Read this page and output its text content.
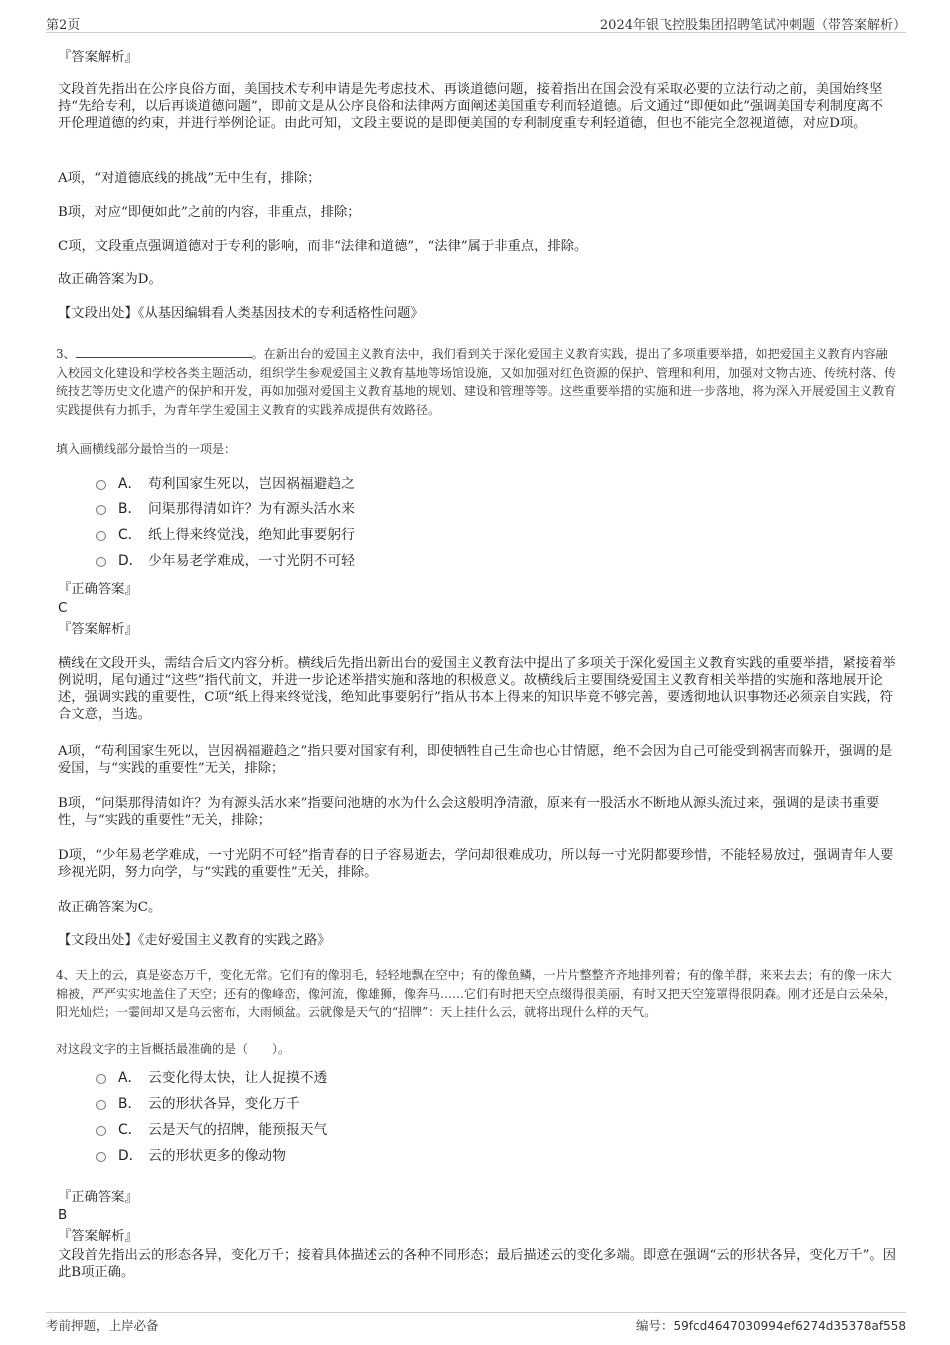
第2页	2024年银飞控股集团招聘笔试冲刺题（带答案解析）
『答案解析』
文段首先指出在公序良俗方面，美国技术专利申请是先考虑技术、再谈道德问题，接着指出在国会没有采取必要的立法行动之前，美国始终坚持“先给专利，以后再谈道德问题”，即前文是从公序良俗和法律两方面阐述美国重专利而轻道德。后文通过“即便如此”强调美国专利制度离不开伦理道德的约束，并进行举例论证。由此可知，文段主要说的是即便美国的专利制度重专利轻道德，但也不能完全忽视道德，对应D项。
A项，“对道德底线的挑战”无中生有，排除；
B项，对应“即便如此”之前的内容，非重点，排除；
C项，文段重点强调道德对于专利的影响，而非“法律和道德”，“法律”属于非重点，排除。
故正确答案为D。
【文段出处】《从基因编辑看人类基因技术的专利适格性问题》
3、	。在新出台的爱国主义教育法中，我们看到关于深化爱国主义教育实践，提出了多项重要举措，如把爱国主义教育内容融入校园文化建设和学校各类主题活动，组织学生参观爱国主义教育基地等场馆设施，又如加强对红色资源的保护、管理和利用，加强对文物古迹、传统村落、传统技艺等历史文化遗产的保护和开发，再如加强对爱国主义教育基地的规划、建设和管理等等。这些重要举措的实施和进一步落地，将为深入开展爱国主义教育实践提供有力抓手，为青年学生爱国主义教育的实践养成提供有效路径。
填入画横线部分最恰当的一项是：
A． 苟利国家生死以，岂因祸福避趋之
B． 问渠那得清如许？为有源头活水来
C． 纸上得来终觉浅，绝知此事要躬行
D． 少年易老学难成，一寸光阴不可轻
『正确答案』
C
『答案解析』
横线在文段开头，需结合后文内容分析。横线后先指出新出台的爱国主义教育法中提出了多项关于深化爱国主义教育实践的重要举措，紧接着举例说明，尾句通过“这些”指代前文，并进一步论述举措实施和落地的积极意义。故横线后主要围绕爱国主义教育相关举措的实施和落地展开论述，强调实践的重要性，C项“纸上得来终觉浅，绝知此事要躬行”指从书本上得来的知识毕竟不够完善，要透彻地认识事物还必须亲自实践，符合文意，当选。
A项，“苟利国家生死以，岂因祸福避趋之”指只要对国家有利，即使牺牲自己生命也心甘情愿，绝不会因为自己可能受到祸害而躲开，强调的是爱国，与“实践的重要性”无关，排除；
B项，“问渠那得清如许？为有源头活水来”指要问池塘的水为什么会这般明净清澈，原来有一股活水不断地从源头流过来，强调的是读书重要性，与“实践的重要性”无关，排除；
D项，“少年易老学难成，一寸光阴不可轻”指青春的日子容易逝去，学问却很难成功，所以每一寸光阴都要珍惜，不能轻易放过，强调青年人要珍视光阴，努力向学，与“实践的重要性”无关，排除。
故正确答案为C。
【文段出处】《走好爱国主义教育的实践之路》
4、天上的云，真是姿态万千，变化无常。它们有的像羽毛，轻轻地飘在空中；有的像鱼鳞，一片片整整齐齐地排列着；有的像羊群，来来去去；有的像一床大棉被，严严实实地盖住了天空；还有的像峰峦，像河流，像雄狮，像奔马……它们有时把天空点缀得很美丽，有时又把天空笼罩得很阴森。刚才还是白云朵朵，阳光灿烂；一霎间却又是乌云密布，大雨倾盆。云就像是天气的“招牌”：天上挂什么云，就将出现什么样的天气。
对这段文字的主旨概括最准确的是（　　）。
A． 云变化得太快，让人捉摸不透
B． 云的形状各异，变化万千
C． 云是天气的招牌，能预报天气
D． 云的形状更多的像动物
『正确答案』
B
『答案解析』
文段首先指出云的形态各异，变化万千；接着具体描述云的各种不同形态；最后描述云的变化多端。即意在强调“云的形状各异，变化万千”。因此B项正确。
考前押题，上岸必备	编号：59fcd4647030994ef6274d35378af558
